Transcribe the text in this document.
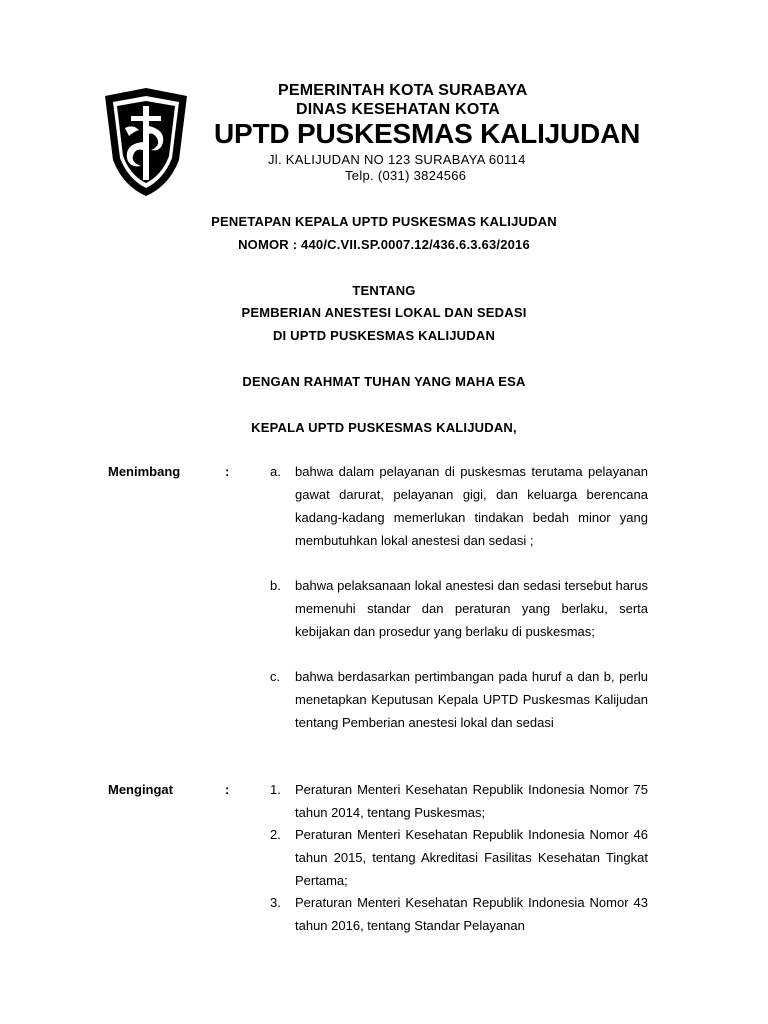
PEMERINTAH KOTA SURABAYA
DINAS KESEHATAN KOTA
UPTD PUSKESMAS KALIJUDAN
Jl. KALIJUDAN NO 123 SURABAYA 60114
Telp. (031) 3824566
PENETAPAN KEPALA UPTD PUSKESMAS KALIJUDAN
NOMOR : 440/C.VII.SP.0007.12/436.6.3.63/2016
TENTANG
PEMBERIAN ANESTESI LOKAL DAN SEDASI
DI UPTD PUSKESMAS KALIJUDAN
DENGAN RAHMAT TUHAN YANG MAHA ESA
KEPALA UPTD PUSKESMAS KALIJUDAN,
Menimbang	:	a.	bahwa dalam pelayanan di puskesmas terutama pelayanan gawat darurat, pelayanan gigi, dan keluarga berencana kadang-kadang memerlukan tindakan bedah minor yang membutuhkan lokal anestesi dan sedasi ;
b.	bahwa pelaksanaan lokal anestesi dan sedasi tersebut harus memenuhi standar dan peraturan yang berlaku, serta kebijakan dan prosedur yang berlaku di puskesmas;
c.	bahwa berdasarkan pertimbangan pada huruf a dan b, perlu menetapkan Keputusan Kepala UPTD Puskesmas Kalijudan tentang Pemberian anestesi lokal dan sedasi
Mengingat	:	1.	Peraturan Menteri Kesehatan Republik Indonesia Nomor 75 tahun 2014, tentang Puskesmas;
2.	Peraturan Menteri Kesehatan Republik Indonesia Nomor 46 tahun 2015, tentang Akreditasi Fasilitas Kesehatan Tingkat Pertama;
3.	Peraturan Menteri Kesehatan Republik Indonesia Nomor 43 tahun 2016, tentang Standar Pelayanan
